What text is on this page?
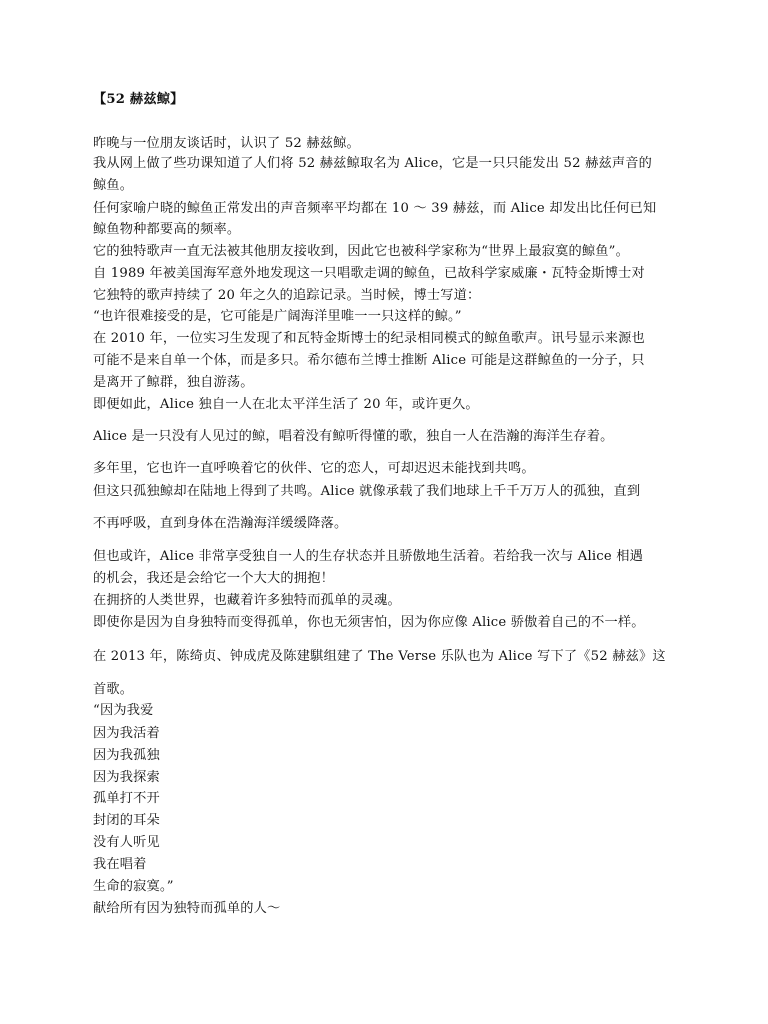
【52 赫兹鲸】
昨晚与一位朋友谈话时，认识了 52 赫兹鲸。
我从网上做了些功课知道了人们将 52 赫兹鲸取名为 Alice，它是一只只能发出 52 赫兹声音的
鲸鱼。
任何家喻户晓的鲸鱼正常发出的声音频率平均都在 10 ～ 39 赫兹，而 Alice 却发出比任何已知
鲸鱼物种都要高的频率。
它的独特歌声一直无法被其他朋友接收到，因此它也被科学家称为“世界上最寂寞的鲸鱼”。
自 1989 年被美国海军意外地发现这一只唱歌走调的鲸鱼，已故科学家威廉・瓦特金斯博士对
它独特的歌声持续了 20 年之久的追踪记录。当时候，博士写道：
“也许很难接受的是，它可能是广阔海洋里唯一一只这样的鲸。”
在 2010 年，一位实习生发现了和瓦特金斯博士的纪录相同模式的鲸鱼歌声。讯号显示来源也
可能不是来自单一个体，而是多只。希尔德布兰博士推断 Alice 可能是这群鲸鱼的一分子，只
是离开了鲸群，独自游荡。
即便如此，Alice 独自一人在北太平洋生活了 20 年，或许更久。
Alice 是一只没有人见过的鲸，唱着没有鲸听得懂的歌，独自一人在浩瀚的海洋生存着。
多年里，它也许一直呼唤着它的伙伴、它的恋人，可却迟迟未能找到共鸣。
但这只孤独鲸却在陆地上得到了共鸣。Alice 就像承载了我们地球上千千万万人的孤独，直到
不再呼吸，直到身体在浩瀚海洋缓缓降落。
但也或许，Alice 非常享受独自一人的生存状态并且骄傲地生活着。若给我一次与 Alice 相遇
的机会，我还是会给它一个大大的拥抱！
在拥挤的人类世界，也藏着许多独特而孤单的灵魂。
即使你是因为自身独特而变得孤单，你也无须害怕，因为你应像 Alice 骄傲着自己的不一样。
在 2013 年，陈绮贞、钟成虎及陈建騏组建了 The Verse 乐队也为 Alice 写下了《52 赫兹》这
首歌。
“因为我爱
因为我活着
因为我孤独
因为我探索
孤单打不开
封闭的耳朵
没有人听见
我在唱着
生命的寂寞。”
献给所有因为独特而孤单的人～
